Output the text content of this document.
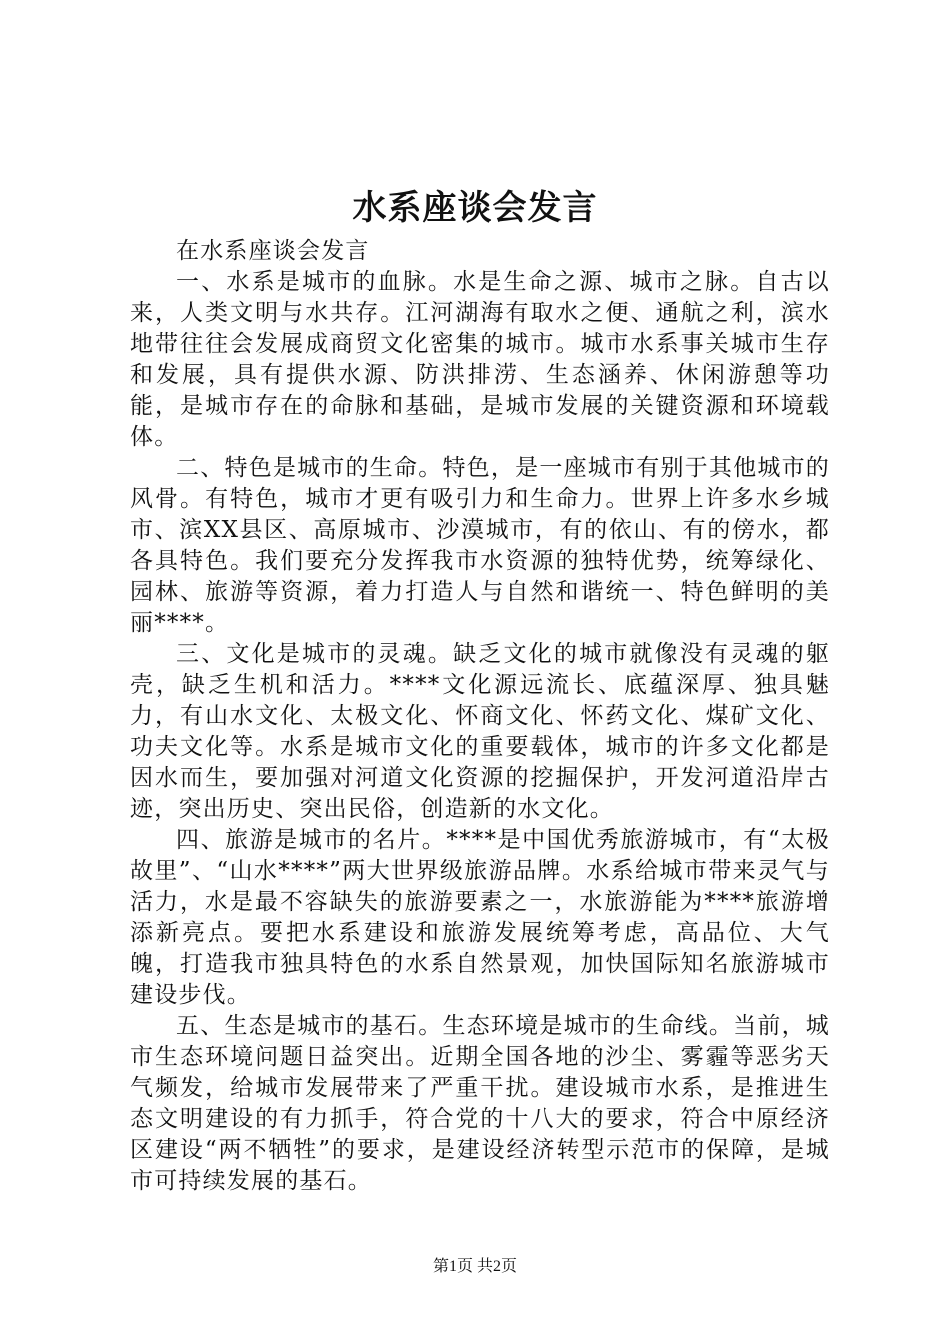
水系座谈会发言

在水系座谈会发言

一、水系是城市的血脉。水是生命之源、城市之脉。自古以来，人类文明与水共存。江河湖海有取水之便、通航之利，滨水地带往往会发展成商贸文化密集的城市。城市水系事关城市生存和发展，具有提供水源、防洪排涝、生态涵养、休闲游憩等功能，是城市存在的命脉和基础，是城市发展的关键资源和环境载体。

二、特色是城市的生命。特色，是一座城市有别于其他城市的风骨。有特色，城市才更有吸引力和生命力。世界上许多水乡城市、滨XX县区、高原城市、沙漠城市，有的依山、有的傍水，都各具特色。我们要充分发挥我市水资源的独特优势，统筹绿化、园林、旅游等资源，着力打造人与自然和谐统一、特色鲜明的美丽****。

三、文化是城市的灵魂。缺乏文化的城市就像没有灵魂的躯壳，缺乏生机和活力。****文化源远流长、底蕴深厚、独具魅力，有山水文化、太极文化、怀商文化、怀药文化、煤矿文化、功夫文化等。水系是城市文化的重要载体，城市的许多文化都是因水而生，要加强对河道文化资源的挖掘保护，开发河道沿岸古迹，突出历史、突出民俗，创造新的水文化。

四、旅游是城市的名片。****是中国优秀旅游城市，有“太极故里”、“山水****”两大世界级旅游品牌。水系给城市带来灵气与活力，水是最不容缺失的旅游要素之一，水旅游能为****旅游增添新亮点。要把水系建设和旅游发展统筹考虑，高品位、大气魄，打造我市独具特色的水系自然景观，加快国际知名旅游城市建设步伐。

五、生态是城市的基石。生态环境是城市的生命线。当前，城市生态环境问题日益突出。近期全国各地的沙尘、雾霾等恶劣天气频发，给城市发展带来了严重干扰。建设城市水系，是推进生态文明建设的有力抓手，符合党的十八大的要求，符合中原经济区建设“两不牺牲”的要求，是建设经济转型示范市的保障，是城市可持续发展的基石。

第1页 共2页
